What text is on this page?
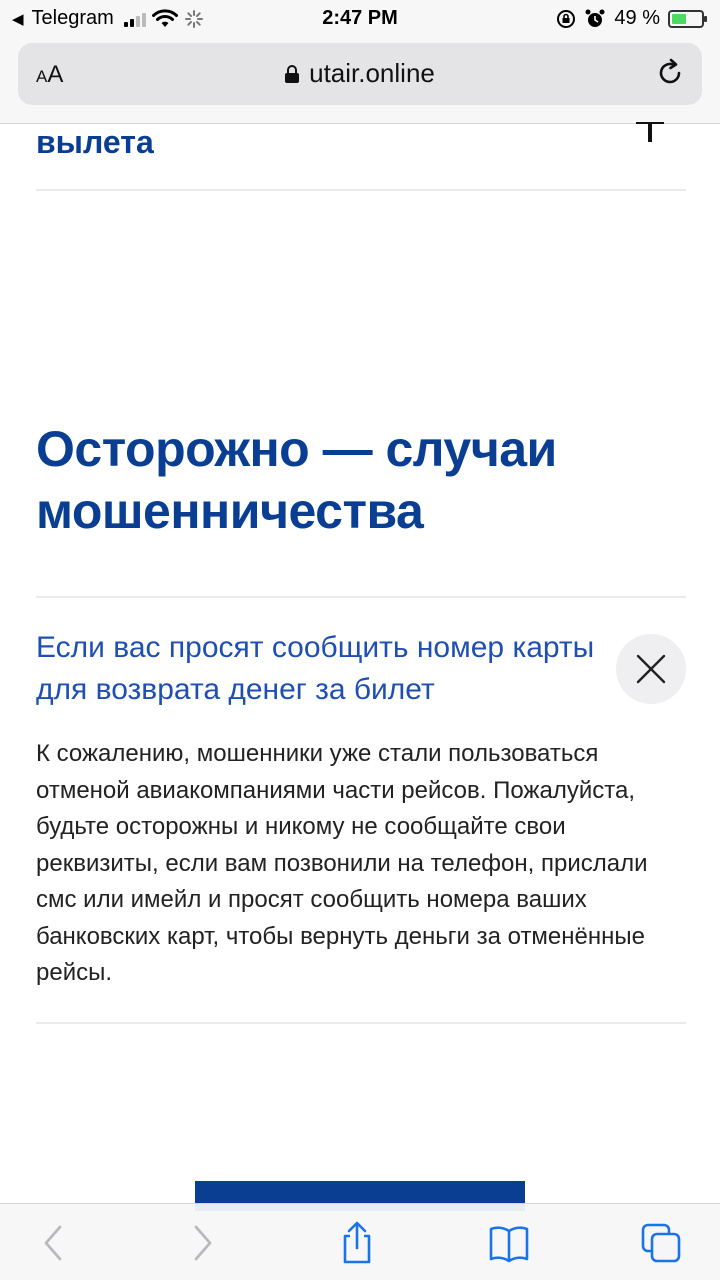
◀ Telegram	2:47 PM	49 %
AA	utair.online
вылета
Осторожно — случаи мошенничества
Если вас просят сообщить номер карты для возврата денег за билет
К сожалению, мошенники уже стали пользоваться отменой авиакомпаниями части рейсов. Пожалуйста, будьте осторожны и никому не сообщайте свои реквизиты, если вам позвонили на телефон, прислали смс или имейл и просят сообщить номера ваших банковских карт, чтобы вернуть деньги за отменённые рейсы.
